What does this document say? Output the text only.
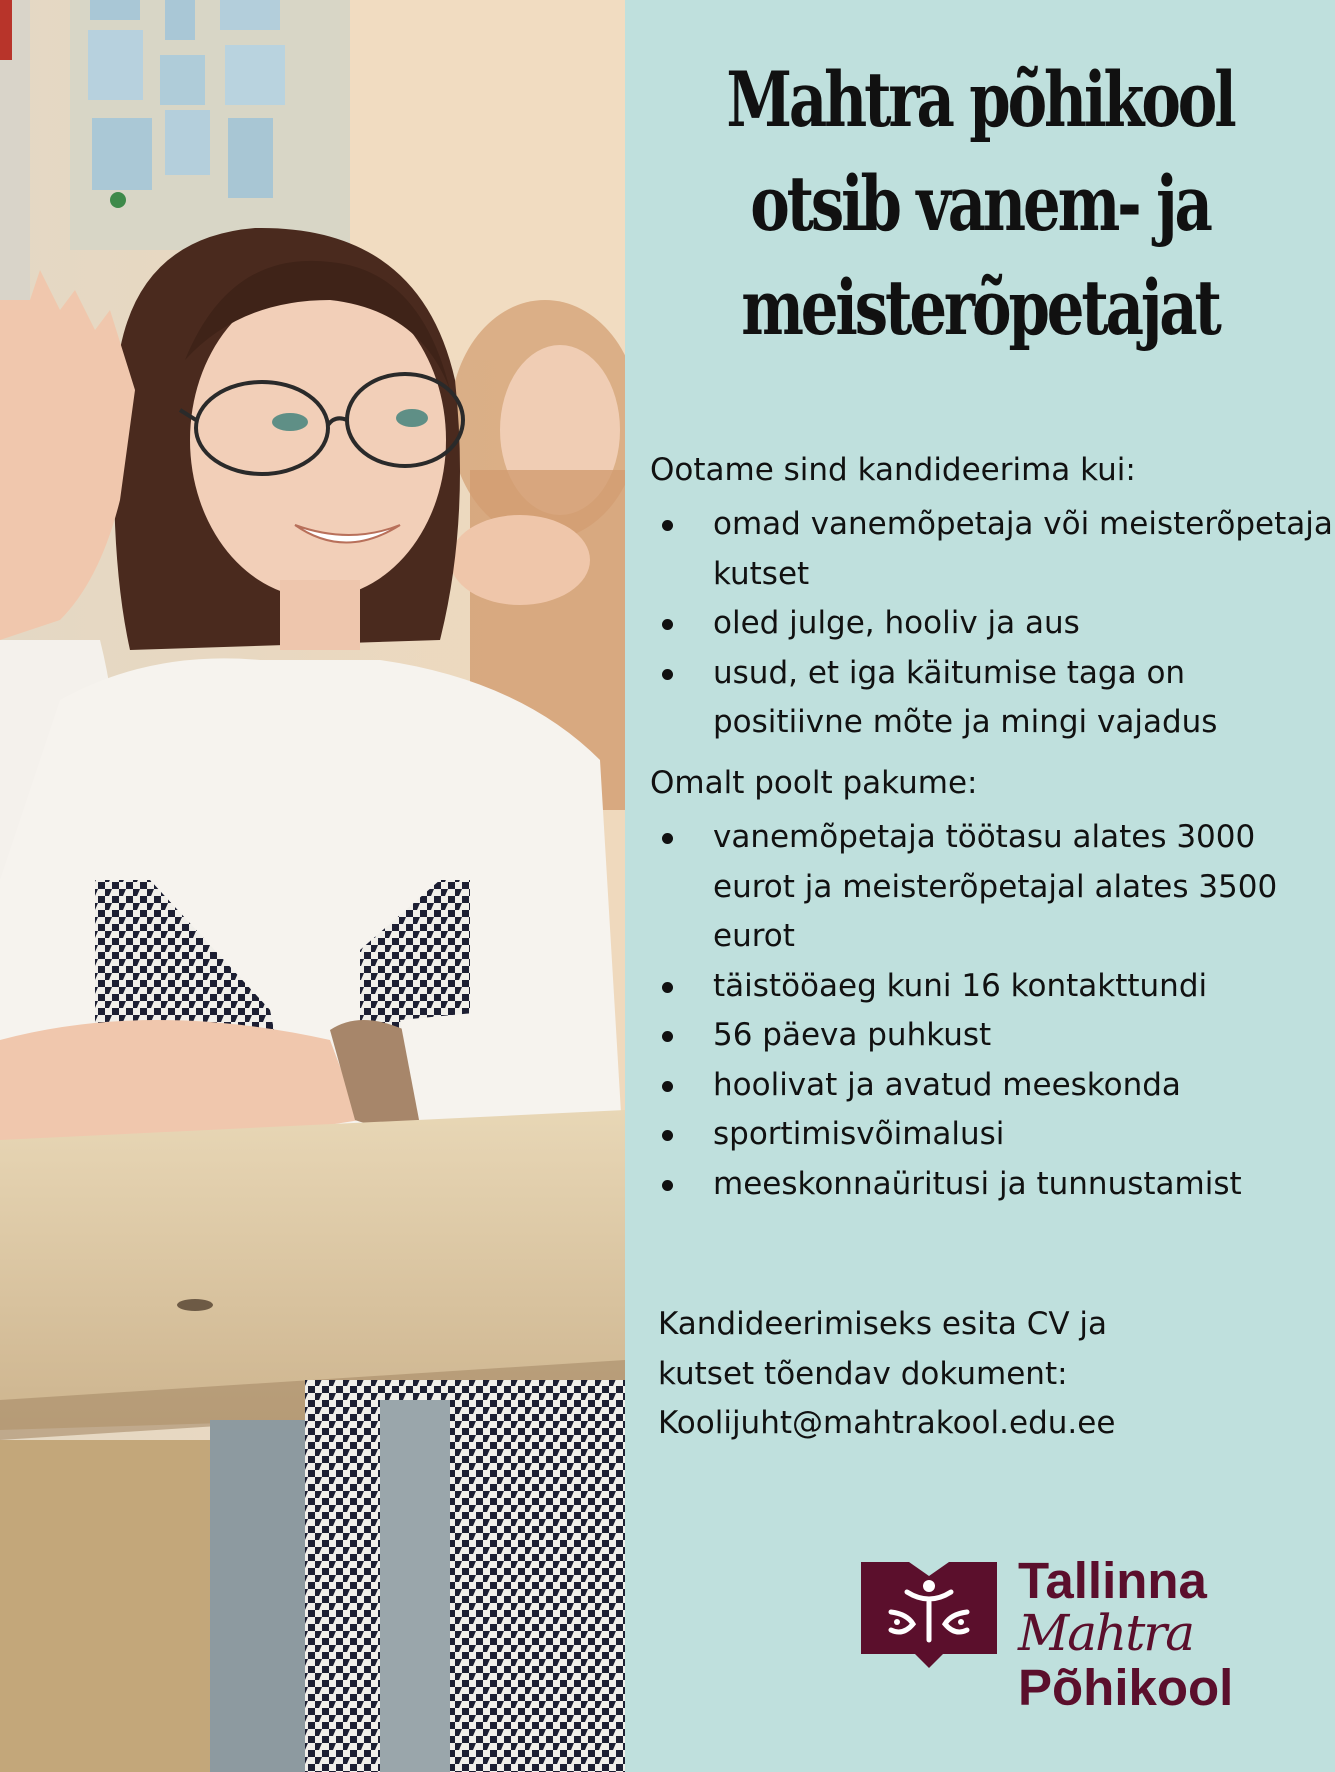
Mahtra põhikool
otsib vanem- ja
meisterõpetajat
Ootame sind kandideerima kui:
omad vanemõpetaja või meisterõpetaja kutset
oled julge, hooliv ja aus
usud, et iga käitumise taga on positiivne mõte ja mingi vajadus
Omalt poolt pakume:
vanemõpetaja töötasu alates 3000 eurot ja meisterõpetajal alates 3500 eurot
täistööaeg kuni 16 kontakttundi
56 päeva puhkust
hoolivat ja avatud meeskonda
sportimisvõimalusi
meeskonnaüritusi ja tunnustamist
Kandideerimiseks esita CV ja
kutset tõendav dokument:
Koolijuht@mahtrakool.edu.ee
Tallinna
Mahtra
Põhikool
